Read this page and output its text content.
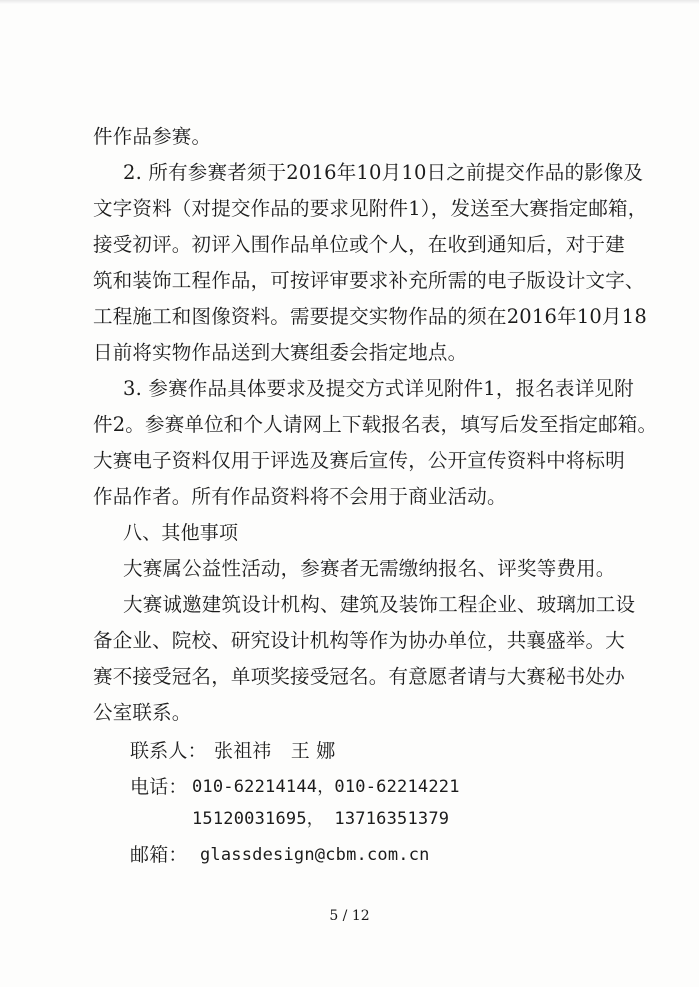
件作品参赛。
2. 所有参赛者须于2016年10月10日之前提交作品的影像及
文字资料（对提交作品的要求见附件1），发送至大赛指定邮箱，
接受初评。初评入围作品单位或个人，在收到通知后，对于建
筑和装饰工程作品，可按评审要求补充所需的电子版设计文字、
工程施工和图像资料。需要提交实物作品的须在2016年10月18
日前将实物作品送到大赛组委会指定地点。
3. 参赛作品具体要求及提交方式详见附件1，报名表详见附
件2。参赛单位和个人请网上下载报名表，填写后发至指定邮箱。
大赛电子资料仅用于评选及赛后宣传，公开宣传资料中将标明
作品作者。所有作品资料将不会用于商业活动。
八、其他事项
大赛属公益性活动，参赛者无需缴纳报名、评奖等费用。
大赛诚邀建筑设计机构、建筑及装饰工程企业、玻璃加工设
备企业、院校、研究设计机构等作为协办单位，共襄盛举。大
赛不接受冠名，单项奖接受冠名。有意愿者请与大赛秘书处办
公室联系。
联系人： 张祖祎　王 娜
电话： 010-62214144，010-62214221
15120031695， 13716351379
邮箱： glassdesign@cbm.com.cn
5 / 12
